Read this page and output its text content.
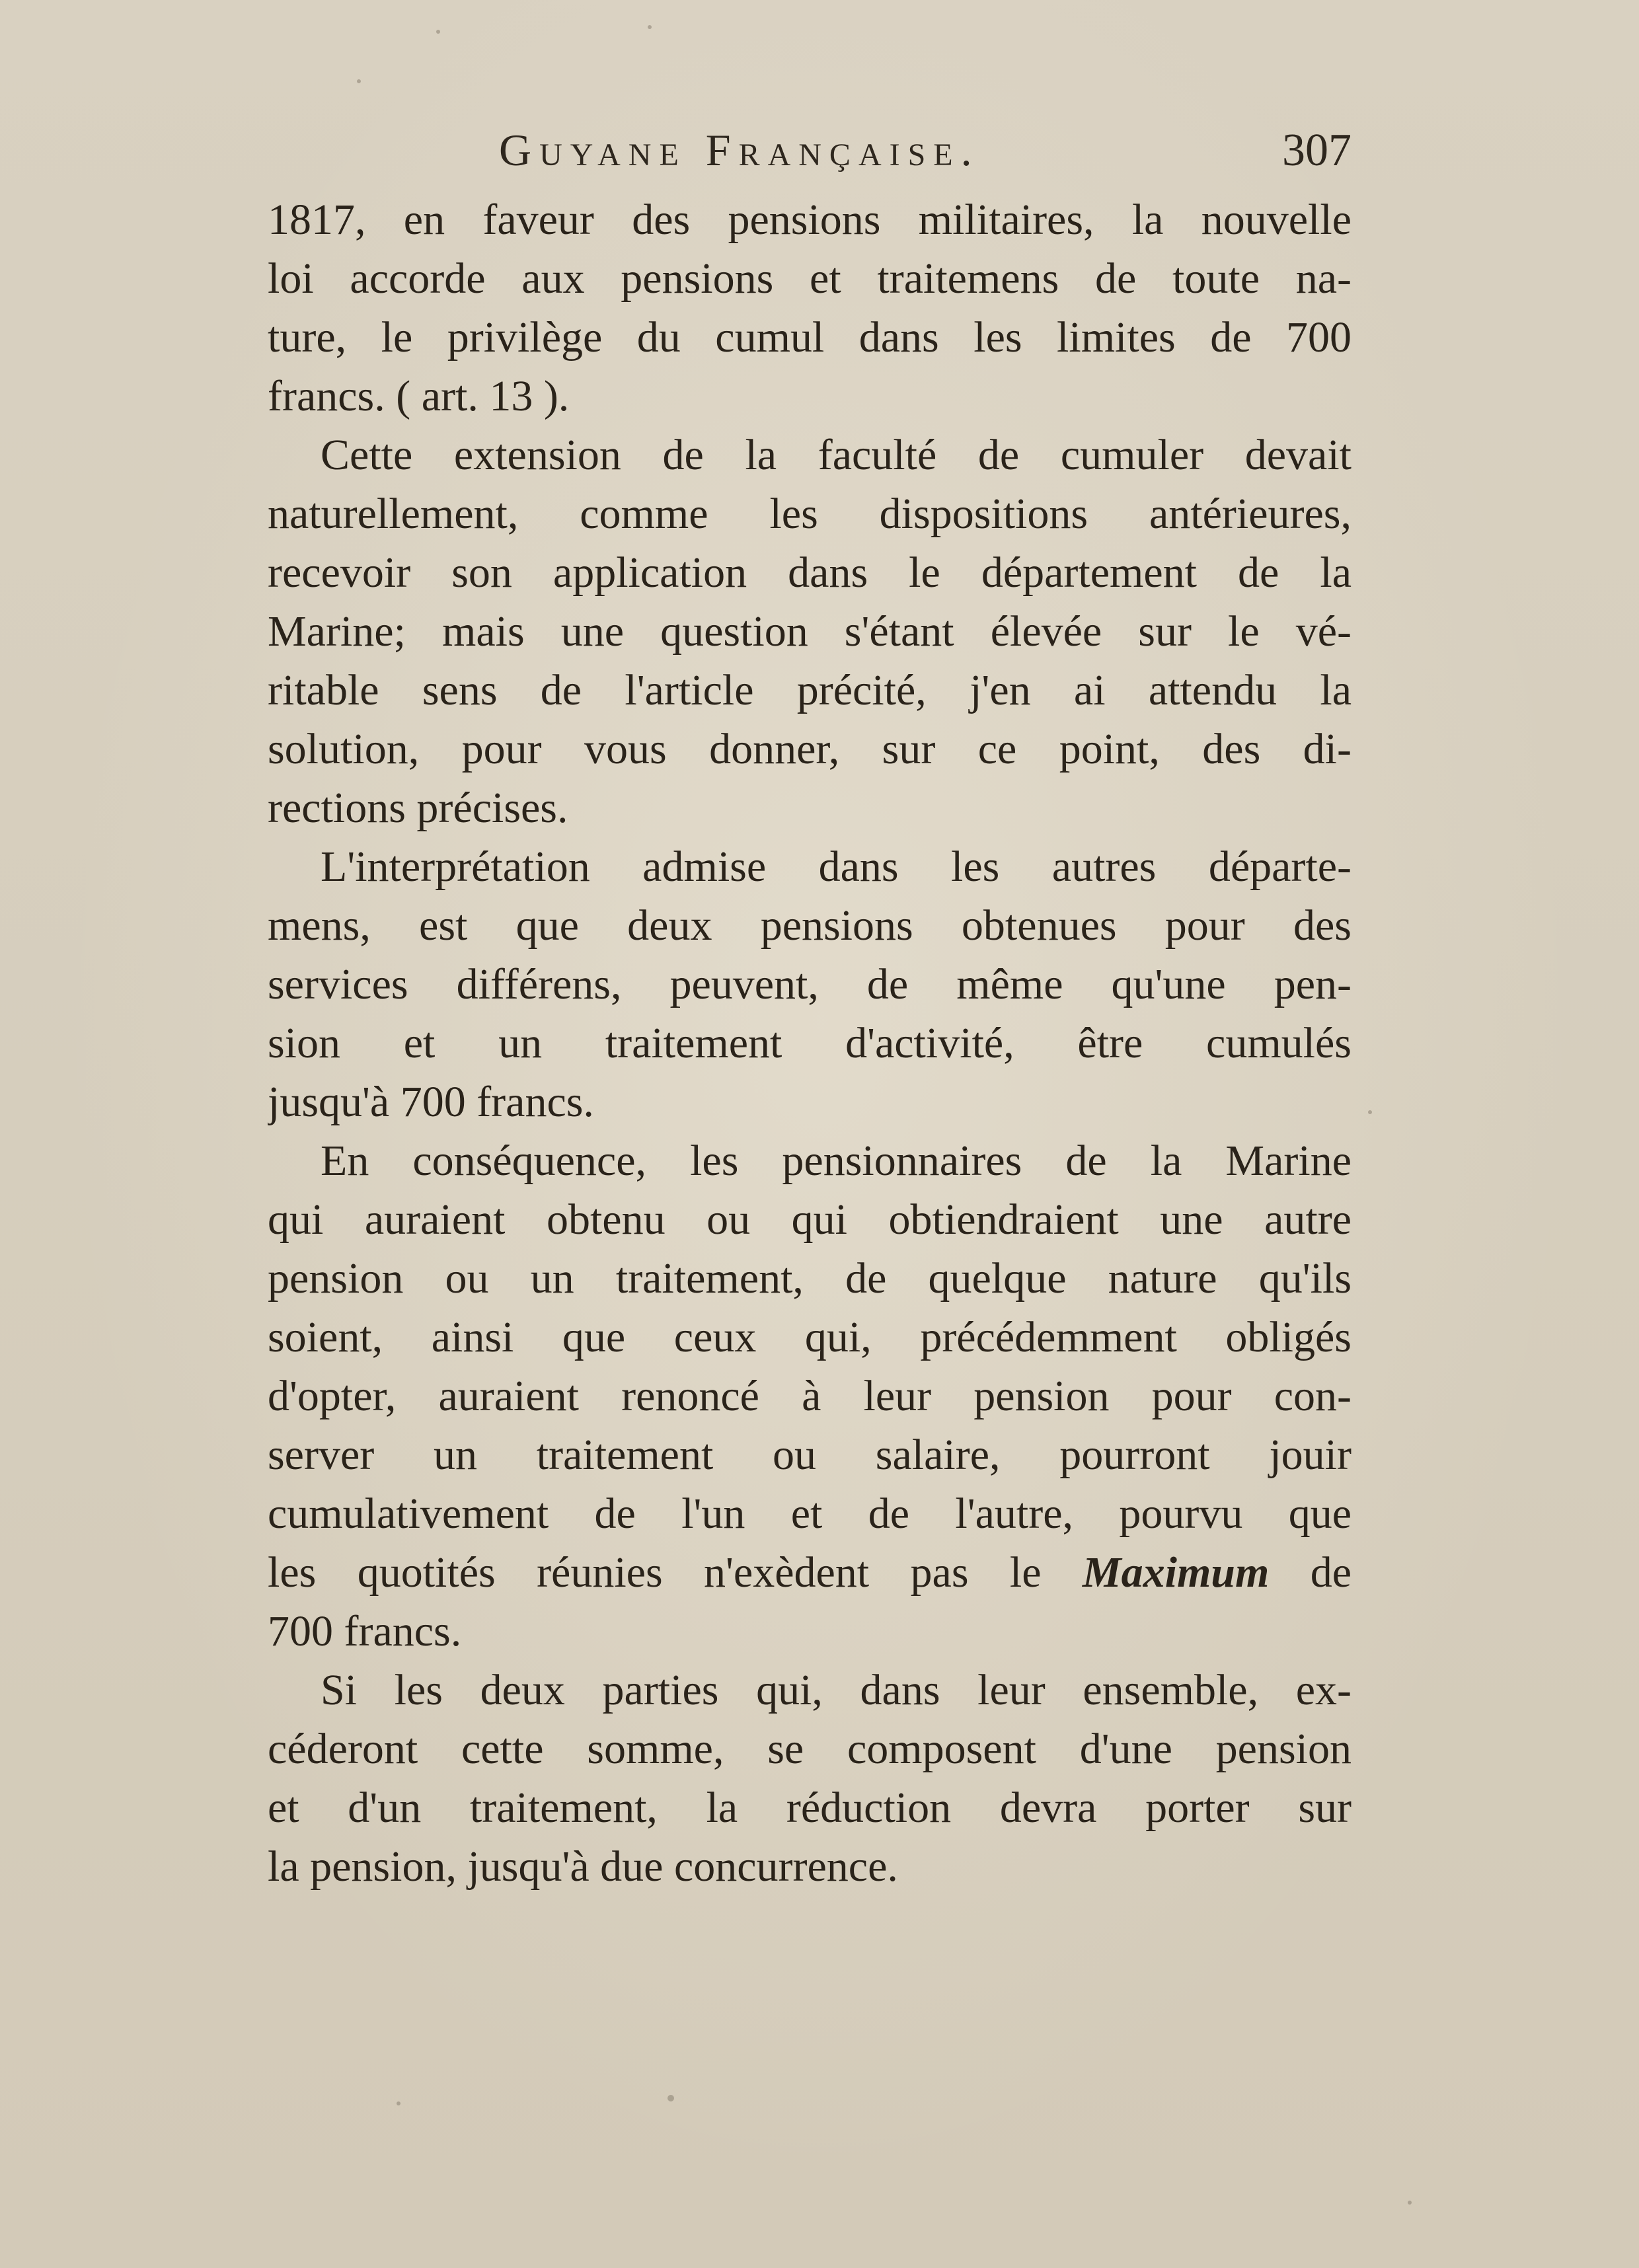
Guyane Française.	307
1817, en faveur des pensions militaires, la nouvelle
loi accorde aux pensions et traitemens de toute na-
ture, le privilège du cumul dans les limites de 700
francs. ( art. 13 ).
Cette extension de la faculté de cumuler devait
naturellement, comme les dispositions antérieures,
recevoir son application dans le département de la
Marine; mais une question s'étant élevée sur le vé-
ritable sens de l'article précité, j'en ai attendu la
solution, pour vous donner, sur ce point, des di-
rections précises.
L'interprétation admise dans les autres départe-
mens, est que deux pensions obtenues pour des
services différens, peuvent, de même qu'une pen-
sion et un traitement d'activité, être cumulés
jusqu'à 700 francs.
En conséquence, les pensionnaires de la Marine
qui auraient obtenu ou qui obtiendraient une autre
pension ou un traitement, de quelque nature qu'ils
soient, ainsi que ceux qui, précédemment obligés
d'opter, auraient renoncé à leur pension pour con-
server un traitement ou salaire, pourront jouir
cumulativement de l'un et de l'autre, pourvu que
les quotités réunies n'exèdent pas le Maximum de
700 francs.
Si les deux parties qui, dans leur ensemble, ex-
céderont cette somme, se composent d'une pension
et d'un traitement, la réduction devra porter sur
la pension, jusqu'à due concurrence.
